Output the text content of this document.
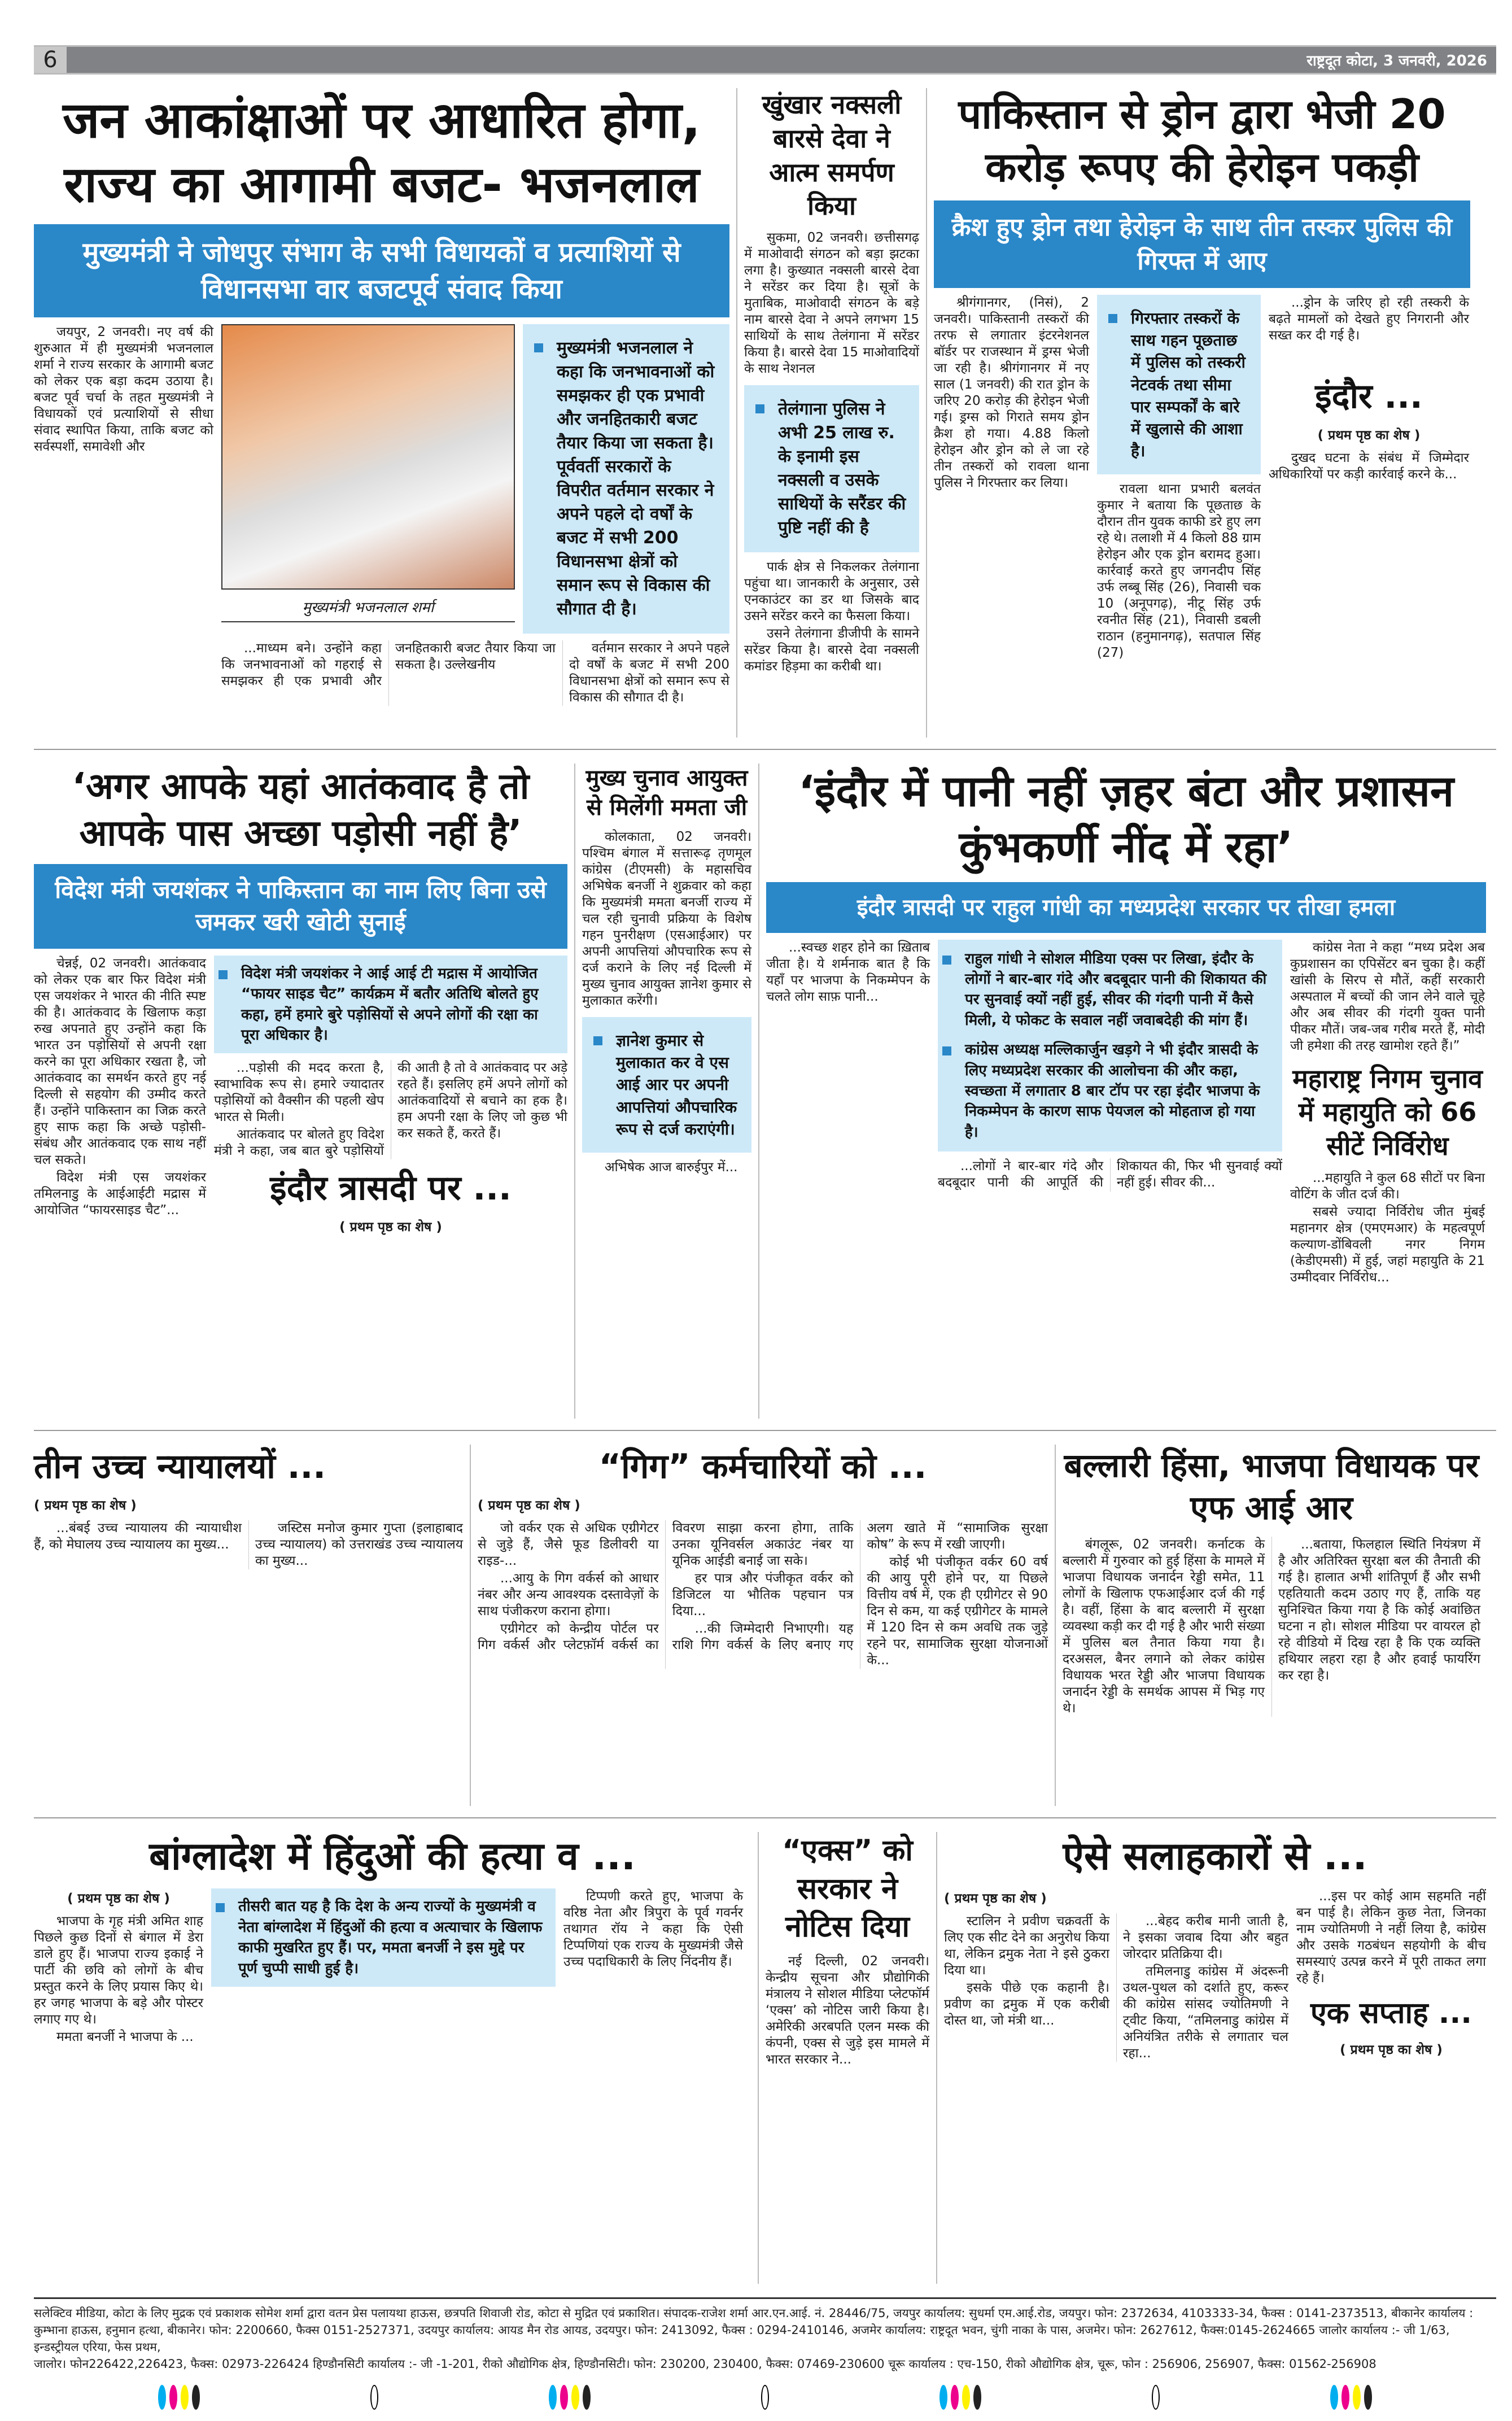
6	राष्ट्रदूत कोटा, 3 जनवरी, 2026
जन आकांक्षाओं पर आधारित होगा, राज्य का आगामी बजट- भजनलाल
मुख्यमंत्री ने जोधपुर संभाग के सभी विधायकों व प्रत्याशियों से विधानसभा वार बजटपूर्व संवाद किया

जयपुर, 2 जनवरी। नए वर्ष की शुरुआत में ही मुख्यमंत्री भजनलाल शर्मा ने राज्य सरकार के आगामी बजट को लेकर एक बड़ा कदम उठाया है। बजट पूर्व चर्चा के तहत मुख्यमंत्री ने विधायकों एवं प्रत्याशियों से सीधा संवाद स्थापित किया, ताकि बजट को सर्वस्पर्शी, समावेशी और

मुख्यमंत्री भजनलाल शर्मा

मुख्यमंत्री भजनलाल ने कहा कि जनभावनाओं को समझकर ही एक प्रभावी और जनहितकारी बजट तैयार किया जा सकता है। पूर्ववर्ती सरकारों के विपरीत वर्तमान सरकार ने अपने पहले दो वर्षों के बजट में सभी 200 विधानसभा क्षेत्रों को समान रूप से विकास की सौगात दी है।

...माध्यम बने। उन्होंने कहा कि जनभावनाओं को गहराई से समझकर ही एक प्रभावी और जनहितकारी बजट तैयार किया जा सकता है। उल्लेखनीय

वर्तमान सरकार ने अपने पहले दो वर्षों के बजट में सभी 200 विधानसभा क्षेत्रों को समान रूप से विकास की सौगात दी है।

खुंखार नक्सली बारसे देवा ने आत्म समर्पण किया

सुकमा, 02 जनवरी। छत्तीसगढ़ में माओवादी संगठन को बड़ा झटका लगा है। कुख्यात नक्सली बारसे देवा ने सरेंडर कर दिया है। सूत्रों के मुताबिक, माओवादी संगठन के बड़े नाम बारसे देवा ने अपने लगभग 15 साथियों के साथ तेलंगाना में सरेंडर किया है। बारसे देवा 15 माओवादियों के साथ नेशनल

तेलंगाना पुलिस ने अभी 25 लाख रु. के इनामी इस नक्सली व उसके साथियों के सरैंडर की पुष्टि नहीं की है

पार्क क्षेत्र से निकलकर तेलंगाना पहुंचा था। जानकारी के अनुसार, उसे एनकाउंटर का डर था जिसके बाद उसने सरेंडर करने का फैसला किया।

उसने तेलंगाना डीजीपी के सामने सरेंडर किया है। बारसे देवा नक्सली कमांडर हिड़मा का करीबी था।

पाकिस्तान से ड्रोन द्वारा भेजी 20 करोड़ रूपए की हेरोइन पकड़ी
क्रैश हुए ड्रोन तथा हेरोइन के साथ तीन तस्कर पुलिस की गिरफ्त में आए

श्रीगंगानगर, (निसं), 2 जनवरी। पाकिस्तानी तस्करों की तरफ से लगातार इंटरनेशनल बॉर्डर पर राजस्थान में ड्रग्स भेजी जा रही है। श्रीगंगानगर में नए साल (1 जनवरी) की रात ड्रोन के जरिए 20 करोड़ की हेरोइन भेजी गई। ड्रग्स को गिराते समय ड्रोन क्रैश हो गया। 4.88 किलो हेरोइन और ड्रोन को ले जा रहे तीन तस्करों को रावला थाना पुलिस ने गिरफ्तार कर लिया।

गिरफ्तार तस्करों के साथ गहन पूछताछ में पुलिस को तस्करी नेटवर्क तथा सीमा पार सम्पर्कों के बारे में खुलासे की आशा है।

रावला थाना प्रभारी बलवंत कुमार ने बताया कि पूछताछ के दौरान तीन युवक काफी डरे हुए लग रहे थे। तलाशी में 4 किलो 88 ग्राम हेरोइन और एक ड्रोन बरामद हुआ। कार्रवाई करते हुए जगनदीप सिंह उर्फ लब्बू सिंह (26), निवासी चक 10 (अनूपगढ़), नीटू सिंह उर्फ रवनीत सिंह (21), निवासी डबली राठान (हनुमानगढ़), सतपाल सिंह (27)

...ड्रोन के जरिए हो रही तस्करी के बढ़ते मामलों को देखते हुए निगरानी और सख्त कर दी गई है।

इंदौर ...
( प्रथम पृष्ठ का शेष )

दुखद घटना के संबंध में जिम्मेदार अधिकारियों पर कड़ी कार्रवाई करने के...

‘अगर आपके यहां आतंकवाद है तो आपके पास अच्छा पड़ोसी नहीं है’
विदेश मंत्री जयशंकर ने पाकिस्तान का नाम लिए बिना उसे जमकर खरी खोटी सुनाई

चेन्नई, 02 जनवरी। आतंकवाद को लेकर एक बार फिर विदेश मंत्री एस जयशंकर ने भारत की नीति स्पष्ट की है। आतंकवाद के खिलाफ कड़ा रुख अपनाते हुए उन्होंने कहा कि भारत उन पड़ोसियों से अपनी रक्षा करने का पूरा अधिकार रखता है, जो आतंकवाद का समर्थन करते हुए नई दिल्ली से सहयोग की उम्मीद करते हैं। उन्होंने पाकिस्तान का जिक्र करते हुए साफ कहा कि अच्छे पड़ोसी-संबंध और आतंकवाद एक साथ नहीं चल सकते।

विदेश मंत्री एस जयशंकर तमिलनाडु के आईआईटी मद्रास में आयोजित “फायरसाइड चैट”...

विदेश मंत्री जयशंकर ने आई आई टी मद्रास में आयोजित “फायर साइड चैट” कार्यक्रम में बतौर अतिथि बोलते हुए कहा, हमें हमारे बुरे पड़ोसियों से अपने लोगों की रक्षा का पूरा अधिकार है।

...पड़ोसी की मदद करता है, स्वाभाविक रूप से। हमारे ज्यादातर पड़ोसियों को वैक्सीन की पहली खेप भारत से मिली।

आतंकवाद पर बोलते हुए विदेश मंत्री ने कहा, जब बात बुरे पड़ोसियों की आती है तो वे आतंकवाद पर अड़े रहते हैं। इसलिए हमें अपने लोगों को आतंकवादियों से बचाने का हक है। हम अपनी रक्षा के लिए जो कुछ भी कर सकते हैं, करते हैं।

इंदौर त्रासदी पर ...
( प्रथम पृष्ठ का शेष )
मुख्य चुनाव आयुक्त से मिलेंगी ममता जी

कोलकाता, 02 जनवरी। पश्चिम बंगाल में सत्तारूढ़ तृणमूल कांग्रेस (टीएमसी) के महासचिव अभिषेक बनर्जी ने शुक्रवार को कहा कि मुख्यमंत्री ममता बनर्जी राज्य में चल रही चुनावी प्रक्रिया के विशेष गहन पुनरीक्षण (एसआईआर) पर अपनी आपत्तियां औपचारिक रूप से दर्ज कराने के लिए नई दिल्ली में मुख्य चुनाव आयुक्त ज्ञानेश कुमार से मुलाकात करेंगी।

ज्ञानेश कुमार से मुलाकात कर वे एस आई आर पर अपनी आपत्तियां औपचारिक रूप से दर्ज कराएंगी।

अभिषेक आज बारुईपुर में...

‘इंदौर में पानी नहीं ज़हर बंटा और प्रशासन कुंभकर्णी नींद में रहा’
इंदौर त्रासदी पर राहुल गांधी का मध्यप्रदेश सरकार पर तीखा हमला

...स्वच्छ शहर होने का ख़िताब जीता है। ये शर्मनाक बात है कि यहाँ पर भाजपा के निकम्मेपन के चलते लोग साफ़ पानी...

राहुल गांधी ने सोशल मीडिया एक्स पर लिखा, इंदौर के लोगों ने बार-बार गंदे और बदबूदार पानी की शिकायत की पर सुनवाई क्यों नहीं हुई, सीवर की गंदगी पानी में कैसे मिली, ये फोकट के सवाल नहीं जवाबदेही की मांग हैं।

कांग्रेस अध्यक्ष मल्लिकार्जुन खड़गे ने भी इंदौर त्रासदी के लिए मध्यप्रदेश सरकार की आलोचना की और कहा, स्वच्छता में लगातार 8 बार टॉप पर रहा इंदौर भाजपा के निकम्मेपन के कारण साफ पेयजल को मोहताज हो गया है।

...लोगों ने बार-बार गंदे और बदबूदार पानी की आपूर्ति की शिकायत की, फिर भी सुनवाई क्यों नहीं हुई। सीवर की...

कांग्रेस नेता ने कहा “मध्य प्रदेश अब कुप्रशासन का एपिसेंटर बन चुका है। कहीं खांसी के सिरप से मौतें, कहीं सरकारी अस्पताल में बच्चों की जान लेने वाले चूहे और अब सीवर की गंदगी युक्त पानी पीकर मौतें। जब-जब गरीब मरते हैं, मोदी जी हमेशा की तरह खामोश रहते हैं।”

महाराष्ट्र निगम चुनाव में महायुति को 66 सीटें निर्विरोध

...महायुति ने कुल 68 सीटों पर बिना वोटिंग के जीत दर्ज की।

सबसे ज्यादा निर्विरोध जीत मुंबई महानगर क्षेत्र (एमएमआर) के महत्वपूर्ण कल्याण-डोंबिवली नगर निगम (केडीएमसी) में हुई, जहां महायुति के 21 उम्मीदवार निर्विरोध...

तीन उच्च न्यायालयों ...
( प्रथम पृष्ठ का शेष )

...बंबई उच्च न्यायालय की न्यायाधीश हैं, को मेघालय उच्च न्यायालय का मुख्य...

जस्टिस मनोज कुमार गुप्ता (इलाहाबाद उच्च न्यायालय) को उत्तराखंड उच्च न्यायालय का मुख्य...

“गिग” कर्मचारियों को ...
( प्रथम पृष्ठ का शेष )

जो वर्कर एक से अधिक एग्रीगेटर से जुड़े हैं, जैसे फूड डिलीवरी या राइड-...

...आयु के गिग वर्कर्स को आधार नंबर और अन्य आवश्यक दस्तावेज़ों के साथ पंजीकरण कराना होगा।

एग्रीगेटर को केन्द्रीय पोर्टल पर गिग वर्कर्स और प्लेटफ़ॉर्म वर्कर्स का विवरण साझा करना होगा, ताकि उनका यूनिवर्सल अकाउंट नंबर या यूनिक आईडी बनाई जा सके।

हर पात्र और पंजीकृत वर्कर को डिजिटल या भौतिक पहचान पत्र दिया...

...की जिम्मेदारी निभाएगी। यह राशि गिग वर्कर्स के लिए बनाए गए अलग खाते में “सामाजिक सुरक्षा कोष” के रूप में रखी जाएगी।

कोई भी पंजीकृत वर्कर 60 वर्ष की आयु पूरी होने पर, या पिछले वित्तीय वर्ष में, एक ही एग्रीगेटर से 90 दिन से कम, या कई एग्रीगेटर के मामले में 120 दिन से कम अवधि तक जुड़े रहने पर, सामाजिक सुरक्षा योजनाओं के...

बल्लारी हिंसा, भाजपा विधायक पर एफ आई आर

बंगलूरू, 02 जनवरी। कर्नाटक के बल्लारी में गुरुवार को हुई हिंसा के मामले में भाजपा विधायक जनार्दन रेड्डी समेत, 11 लोगों के खिलाफ एफआईआर दर्ज की गई है। वहीं, हिंसा के बाद बल्लारी में सुरक्षा व्यवस्था कड़ी कर दी गई है और भारी संख्या में पुलिस बल तैनात किया गया है। दरअसल, बैनर लगाने को लेकर कांग्रेस विधायक भरत रेड्डी और भाजपा विधायक जनार्दन रेड्डी के समर्थक आपस में भिड़ गए थे।

...बताया, फिलहाल स्थिति नियंत्रण में है और अतिरिक्त सुरक्षा बल की तैनाती की गई है। हालात अभी शांतिपूर्ण हैं और सभी एहतियाती कदम उठाए गए हैं, ताकि यह सुनिश्चित किया गया है कि कोई अवांछित घटना न हो। सोशल मीडिया पर वायरल हो रहे वीडियो में दिख रहा है कि एक व्यक्ति हथियार लहरा रहा है और हवाई फायरिंग कर रहा है।

बांग्लादेश में हिंदुओं की हत्या व ...
( प्रथम पृष्ठ का शेष )

भाजपा के गृह मंत्री अमित शाह पिछले कुछ दिनों से बंगाल में डेरा डाले हुए हैं। भाजपा राज्य इकाई ने पार्टी की छवि को लोगों के बीच प्रस्तुत करने के लिए प्रयास किए थे। हर जगह भाजपा के बड़े और पोस्टर लगाए गए थे।

ममता बनर्जी ने भाजपा के ...

तीसरी बात यह है कि देश के अन्य राज्यों के मुख्यमंत्री व नेता बांग्लादेश में हिंदुओं की हत्या व अत्याचार के खिलाफ काफी मुखरित हुए हैं। पर, ममता बनर्जी ने इस मुद्दे पर पूर्ण चुप्पी साधी हुई है।

टिप्पणी करते हुए, भाजपा के वरिष्ठ नेता और त्रिपुरा के पूर्व गवर्नर तथागत रॉय ने कहा कि ऐसी टिप्पणियां एक राज्य के मुख्यमंत्री जैसे उच्च पदाधिकारी के लिए निंदनीय हैं।

“एक्स” को सरकार ने नोटिस दिया

नई दिल्ली, 02 जनवरी। केन्द्रीय सूचना और प्रौद्योगिकी मंत्रालय ने सोशल मीडिया प्लेटफॉर्म ‘एक्स’ को नोटिस जारी किया है। अमेरिकी अरबपति एलन मस्क की कंपनी, एक्स से जुड़े इस मामले में भारत सरकार ने...

ऐसे सलाहकारों से ...
( प्रथम पृष्ठ का शेष )

स्टालिन ने प्रवीण चक्रवर्ती के लिए एक सीट देने का अनुरोध किया था, लेकिन द्रमुक नेता ने इसे ठुकरा दिया था।

इसके पीछे एक कहानी है। प्रवीण का द्रमुक में एक करीबी दोस्त था, जो मंत्री था...

...बेहद करीब मानी जाती है, ने इसका जवाब दिया और बहुत जोरदार प्रतिक्रिया दी।

तमिलनाडु कांग्रेस में अंदरूनी उथल-पुथल को दर्शाते हुए, करूर की कांग्रेस सांसद ज्योतिमणी ने ट्वीट किया, “तमिलनाडु कांग्रेस में अनियंत्रित तरीके से लगातार चल रहा...

...इस पर कोई आम सहमति नहीं बन पाई है। लेकिन कुछ नेता, जिनका नाम ज्योतिमणी ने नहीं लिया है, कांग्रेस और उसके गठबंधन सहयोगी के बीच समस्याएं उत्पन्न करने में पूरी ताकत लगा रहे हैं।

एक सप्ताह ...
( प्रथम पृष्ठ का शेष )
सलेक्टिव मीडिया, कोटा के लिए मुद्रक एवं प्रकाशक सोमेश शर्मा द्वारा वतन प्रेस पलायथा हाऊस, छत्रपति शिवाजी रोड, कोटा से मुद्रित एवं प्रकाशित। संपादक-राजेश शर्मा आर.एन.आई. नं. 28446/75, जयपुर कार्यालय: सुधर्मा एम.आई.रोड, जयपुर। फोन: 2372634, 4103333-34, फैक्स : 0141-2373513, बीकानेर कार्यालय :
कुम्भाना हाऊस, हनुमान हत्था, बीकानेर। फोन: 2200660, फैक्स 0151-2527371, उदयपुर कार्यालय: आयड मैन रोड आयड, उदयपुर। फोन: 2413092, फैक्स : 0294-2410146, अजमेर कार्यालय: राष्ट्रदूत भवन, चुंगी नाका के पास, अजमेर। फोन: 2627612, फैक्स:0145-2624665 जालोर कार्यालय :- जी 1/63, इन्डस्ट्रीयल एरिया, फेस प्रथम,
जालोर। फोन226422,226423, फैक्स: 02973-226424 हिण्डौनसिटी कार्यालय :- जी -1-201, रीको औद्योगिक क्षेत्र, हिण्डौनसिटी। फोन: 230200, 230400, फैक्स: 07469-230600 चूरू कार्यालय : एच-150, रीको औद्योगिक क्षेत्र, चूरू, फोन : 256906, 256907, फैक्स: 01562-256908
